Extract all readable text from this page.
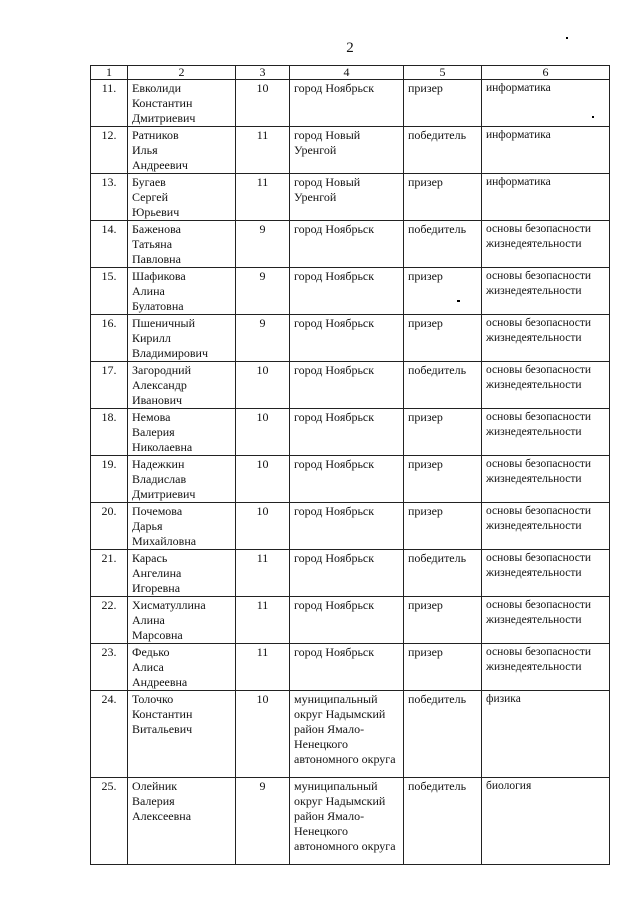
2
1	2	3	4	5	6
11.	Евколиди
Константин
Дмитриевич	10	город Ноябрьск	призер	информатика
12.	Ратников
Илья
Андреевич	11	город Новый Уренгой	победитель	информатика
13.	Бугаев
Сергей
Юрьевич	11	город Новый Уренгой	призер	информатика
14.	Баженова
Татьяна
Павловна	9	город Ноябрьск	победитель	основы безопасности жизнедеятельности
15.	Шафикова
Алина
Булатовна	9	город Ноябрьск	призер	основы безопасности жизнедеятельности
16.	Пшеничный
Кирилл
Владимирович	9	город Ноябрьск	призер	основы безопасности жизнедеятельности
17.	Загородний
Александр
Иванович	10	город Ноябрьск	победитель	основы безопасности жизнедеятельности
18.	Немова
Валерия
Николаевна	10	город Ноябрьск	призер	основы безопасности жизнедеятельности
19.	Надежкин
Владислав
Дмитриевич	10	город Ноябрьск	призер	основы безопасности жизнедеятельности
20.	Почемова
Дарья
Михайловна	10	город Ноябрьск	призер	основы безопасности жизнедеятельности
21.	Карась
Ангелина
Игоревна	11	город Ноябрьск	победитель	основы безопасности жизнедеятельности
22.	Хисматуллина
Алина
Марсовна	11	город Ноябрьск	призер	основы безопасности жизнедеятельности
23.	Федько
Алиса
Андреевна	11	город Ноябрьск	призер	основы безопасности жизнедеятельности
24.	Толочко
Константин
Витальевич	10	муниципальный округ Надымский район Ямало-Ненецкого автономного округа	победитель	физика
25.	Олейник
Валерия
Алексеевна	9	муниципальный округ Надымский район Ямало-Ненецкого автономного округа	победитель	биология
